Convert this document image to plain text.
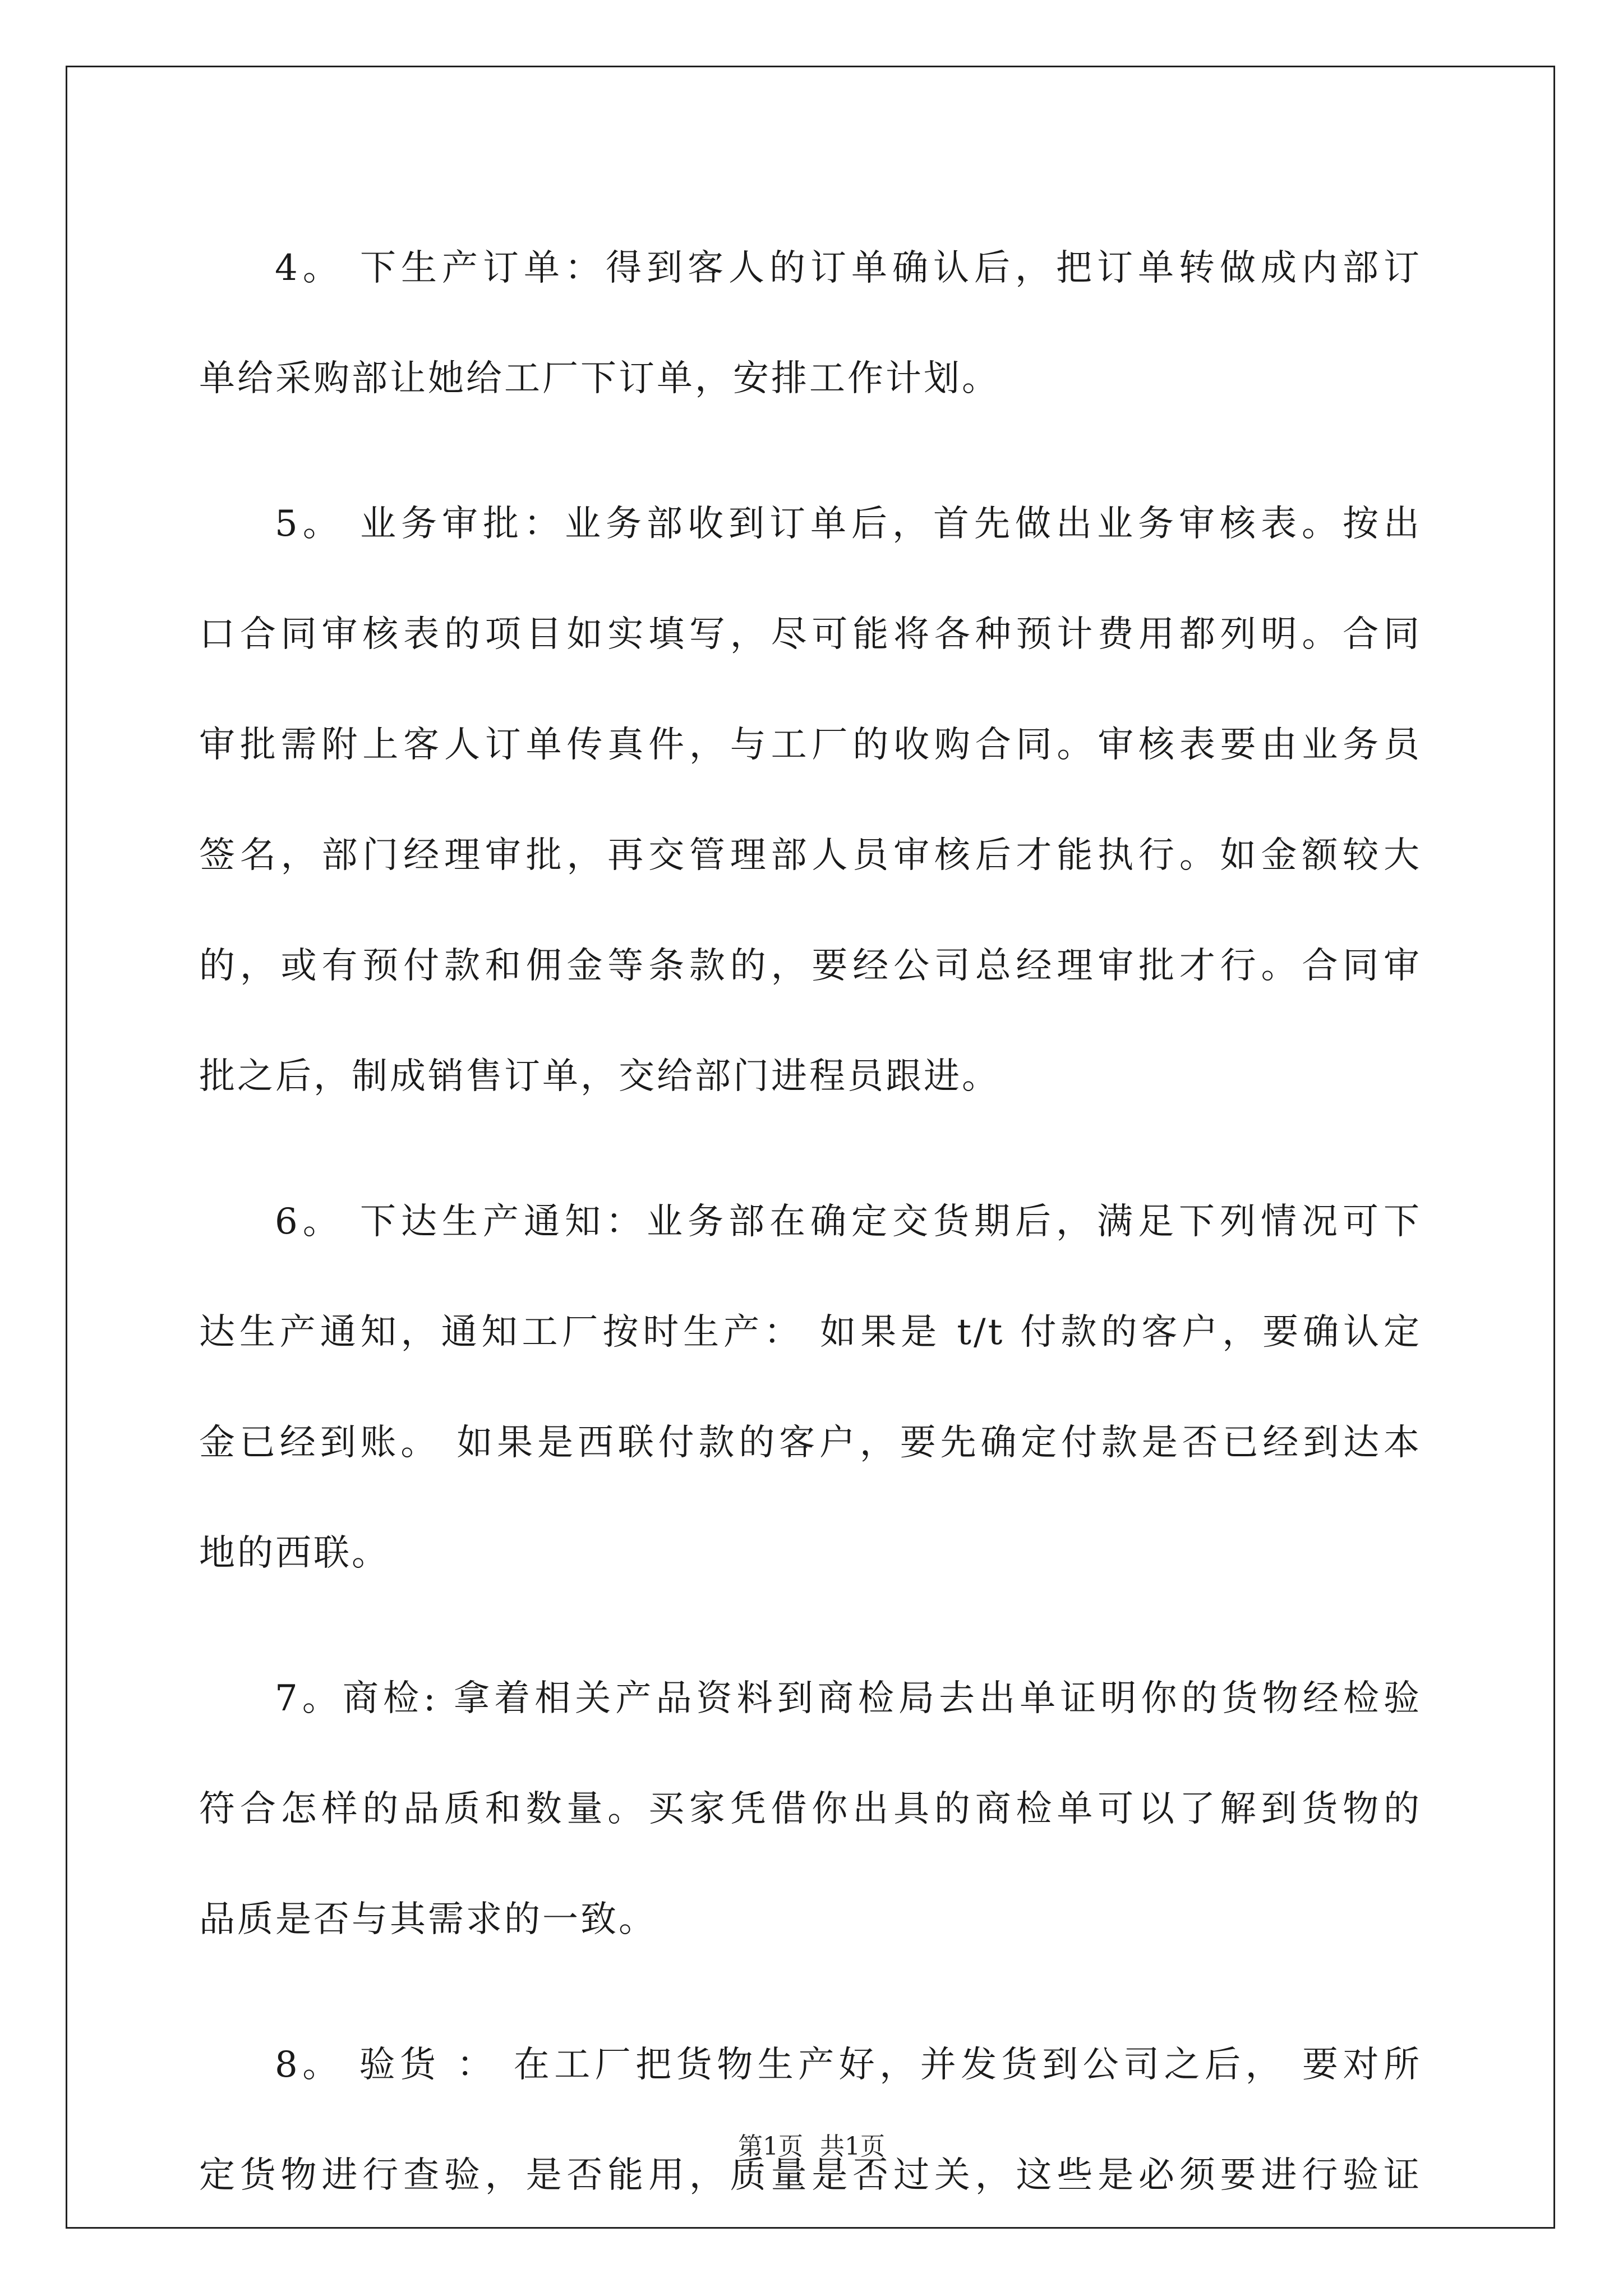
4。 下生产订单：得到客人的订单确认后，把订单转做成内部订
单给采购部让她给工厂下订单，安排工作计划。
5。 业务审批：业务部收到订单后，首先做出业务审核表。按出
口合同审核表的项目如实填写，尽可能将各种预计费用都列明。合同
审批需附上客人订单传真件，与工厂的收购合同。审核表要由业务员
签名，部门经理审批，再交管理部人员审核后才能执行。如金额较大
的，或有预付款和佣金等条款的，要经公司总经理审批才行。合同审
批之后，制成销售订单，交给部门进程员跟进。
6。 下达生产通知：业务部在确定交货期后，满足下列情况可下
达生产通知，通知工厂按时生产： 如果是 t/t 付款的客户，要确认定
金已经到账。 如果是西联付款的客户，要先确定付款是否已经到达本
地的西联。
7。商检: 拿着相关产品资料到商检局去出单证明你的货物经检验
符合怎样的品质和数量。买家凭借你出具的商检单可以了解到货物的
品质是否与其需求的一致。
8。 验货 ： 在工厂把货物生产好，并发货到公司之后， 要对所
定货物进行查验，是否能用，质量是否过关，这些是必须要进行验证
第1页 共1页
